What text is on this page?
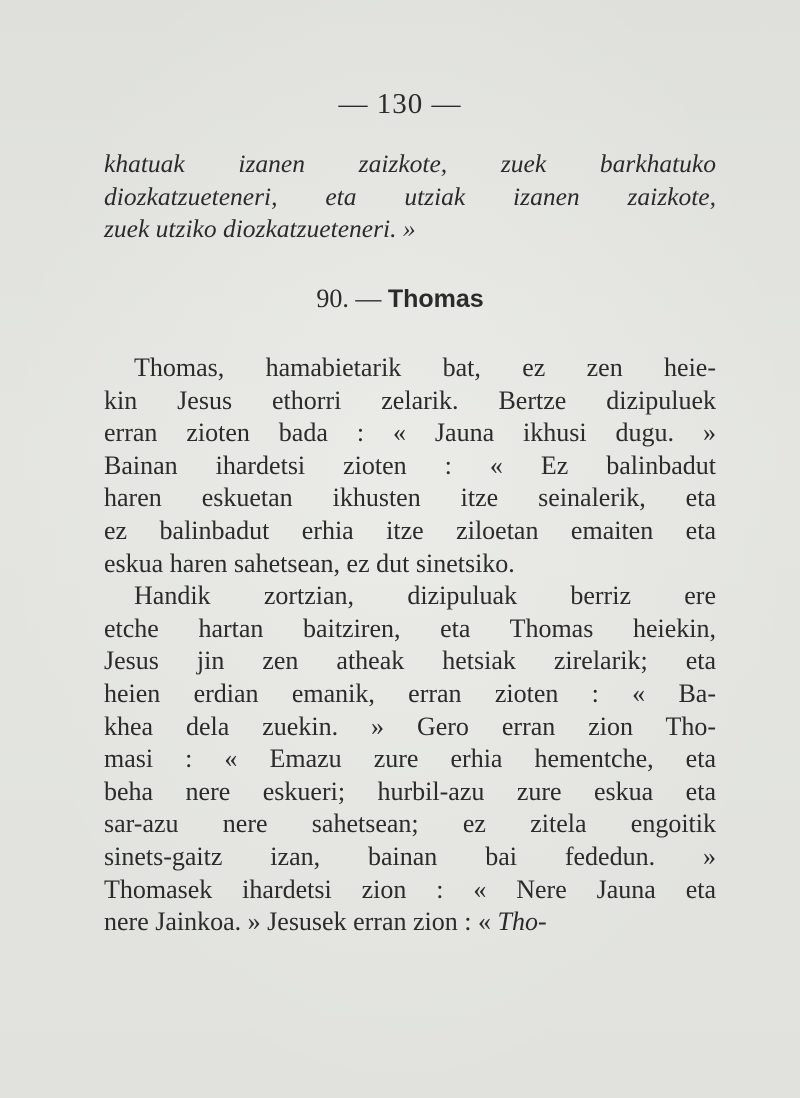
— 130 —
khatuak izanen zaizkote, zuek barkhatuko
diozkatzueteneri, eta utziak izanen zaizkote,
zuek utziko diozkatzueteneri. »
90. — Thomas
Thomas, hamabietarik bat, ez zen heie-
kin Jesus ethorri zelarik. Bertze dizipuluek
erran zioten bada : « Jauna ikhusi dugu. »
Bainan ihardetsi zioten : « Ez balinbadut
haren eskuetan ikhusten itze seinalerik, eta
ez balinbadut erhia itze ziloetan emaiten eta
eskua haren sahetsean, ez dut sinetsiko.
Handik zortzian, dizipuluak berriz ere
etche hartan baitziren, eta Thomas heiekin,
Jesus jin zen atheak hetsiak zirelarik; eta
heien erdian emanik, erran zioten : « Ba-
khea dela zuekin. » Gero erran zion Tho-
masi : « Emazu zure erhia hementche, eta
beha nere eskueri; hurbil-azu zure eskua eta
sar-azu nere sahetsean; ez zitela engoitik
sinets-gaitz izan, bainan bai fededun. »
Thomasek ihardetsi zion : « Nere Jauna eta
nere Jainkoa. » Jesusek erran zion : « Tho-
